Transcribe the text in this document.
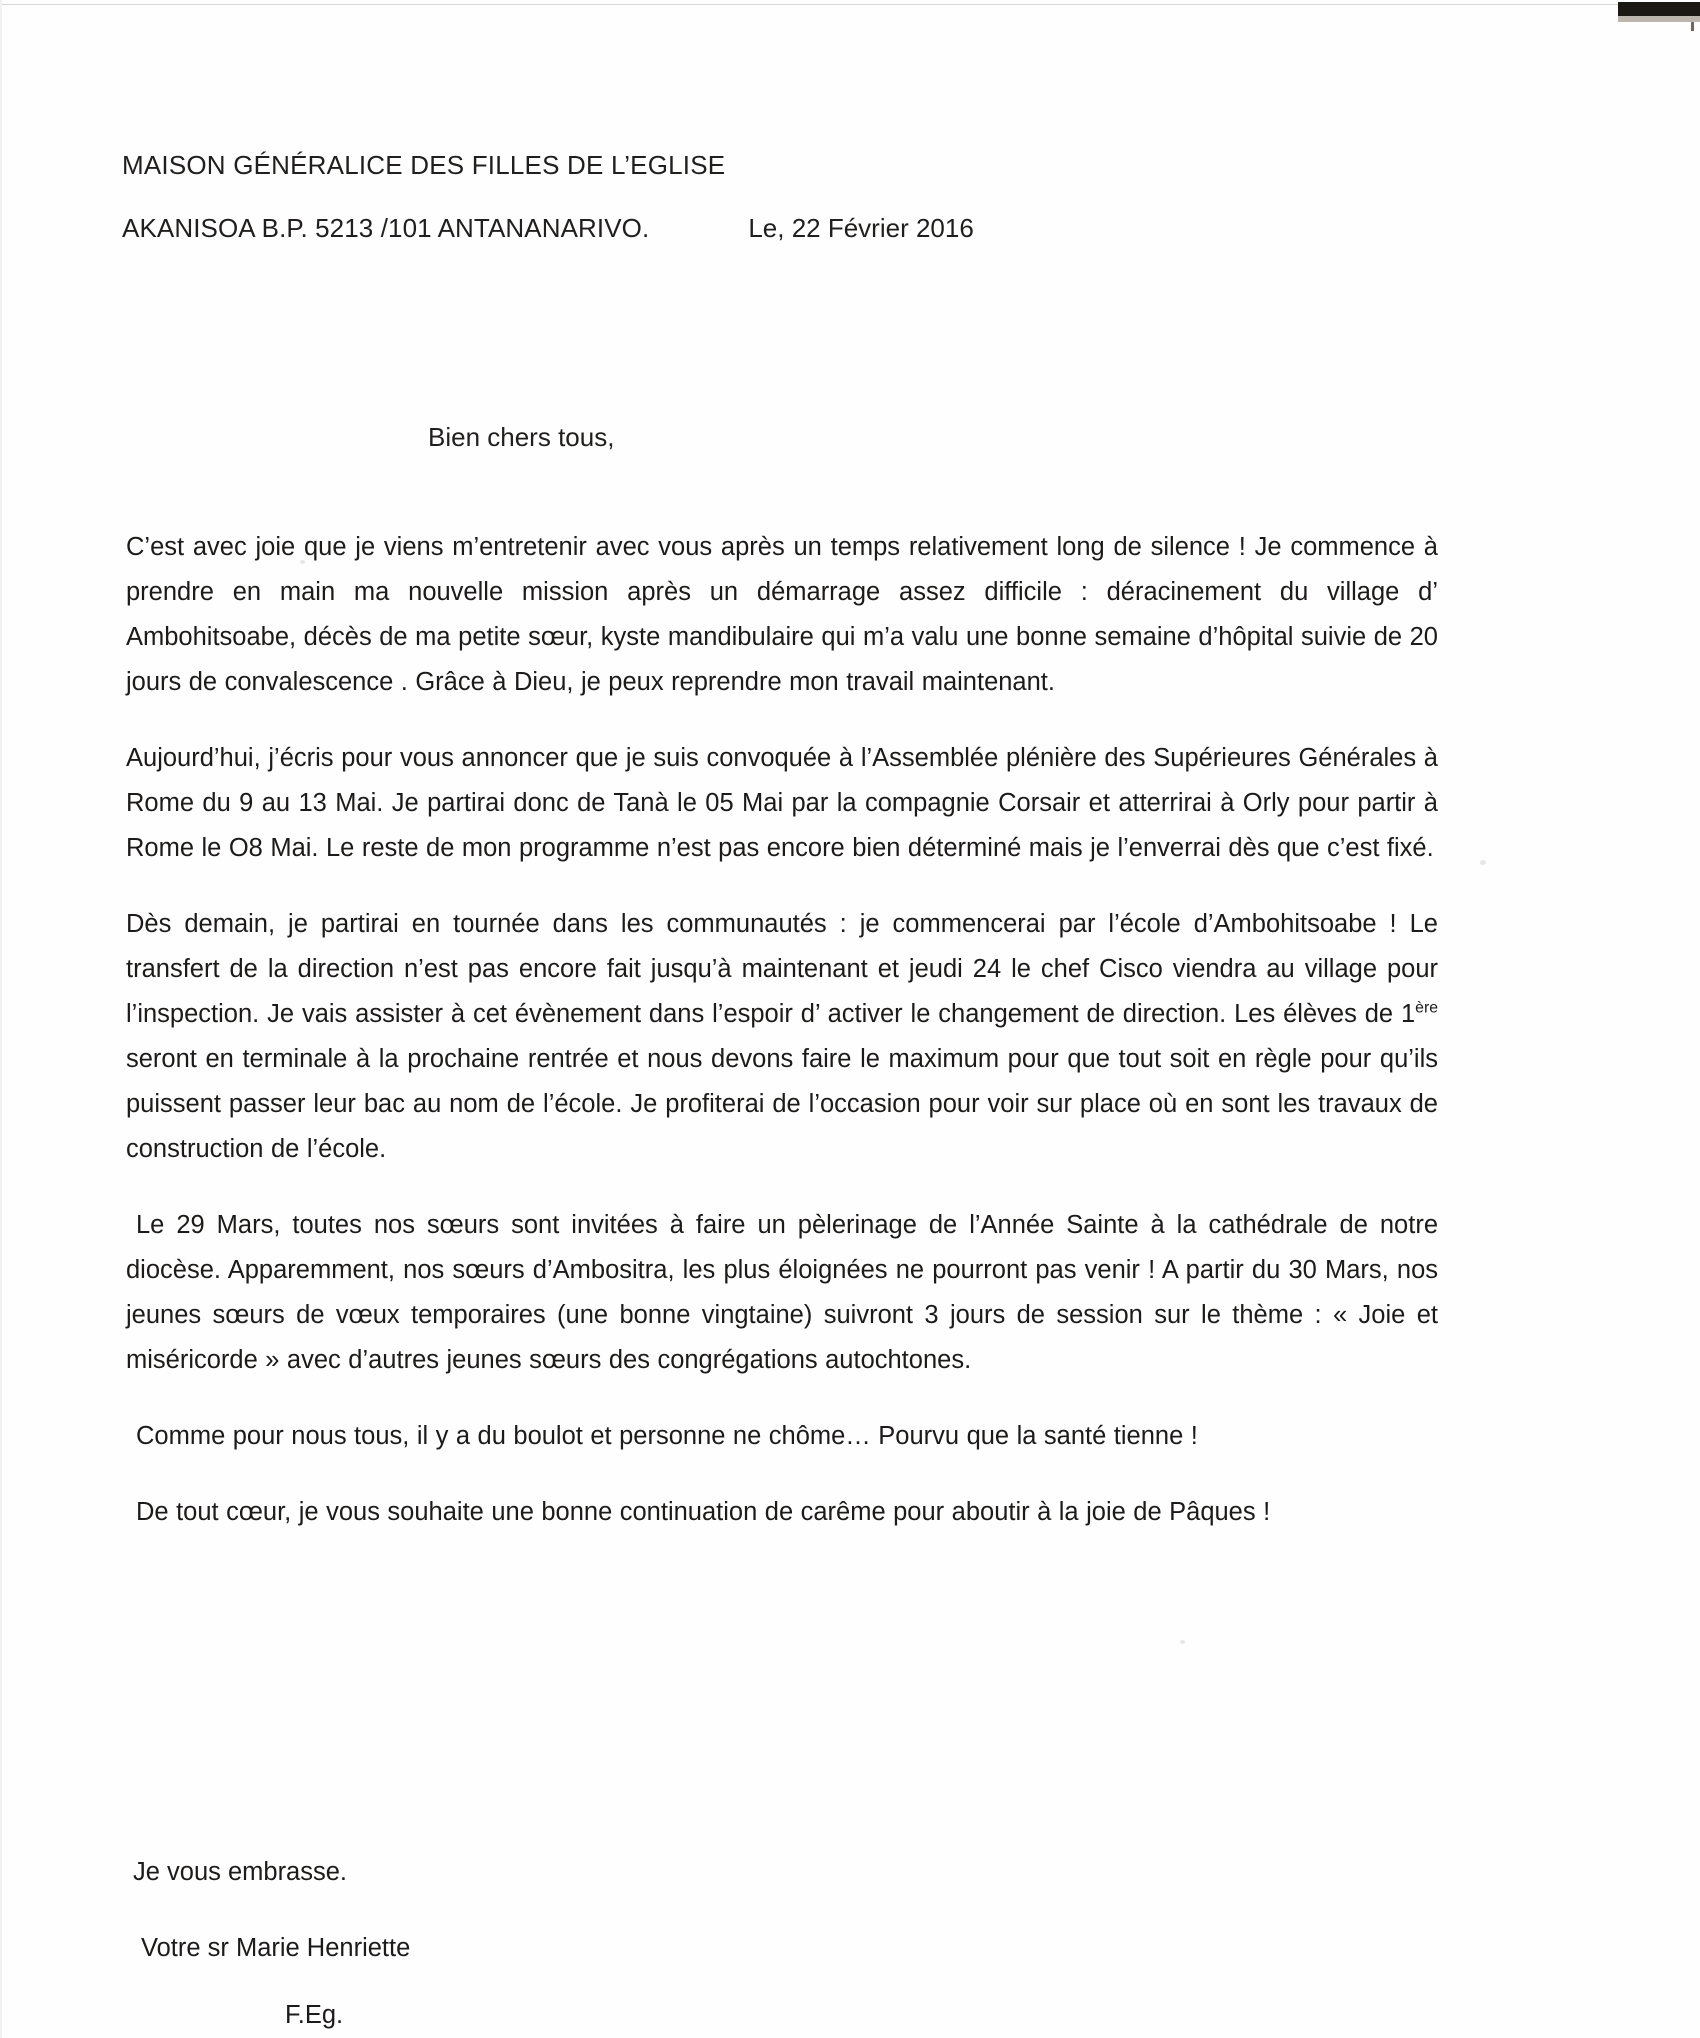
MAISON GÉNÉRALICE DES FILLES DE L’EGLISE
AKANISOA B.P. 5213 /101 ANTANANARIVO.	Le, 22 Février 2016
Bien chers tous,

C’est avec joie que je viens m’entretenir avec vous après un temps relativement long de silence ! Je commence à prendre en main ma nouvelle mission après un démarrage assez difficile : déracinement du village d’ Ambohitsoabe, décès de ma petite sœur, kyste mandibulaire qui m’a valu une bonne semaine d’hôpital suivie de 20 jours de convalescence . Grâce à Dieu, je peux reprendre mon travail maintenant.

Aujourd’hui, j’écris pour vous annoncer que je suis convoquée à l’Assemblée plénière des Supérieures Générales à Rome du 9 au 13 Mai. Je partirai donc de Tanà le 05 Mai par la compagnie Corsair et atterrirai à Orly pour partir à Rome le O8 Mai. Le reste de mon programme n’est pas encore bien déterminé mais je l’enverrai dès que c’est fixé.

Dès demain, je partirai en tournée dans les communautés : je commencerai par l’école d’Ambohitsoabe ! Le transfert de la direction n’est pas encore fait jusqu’à maintenant et jeudi 24 le chef Cisco viendra au village pour l’inspection. Je vais assister à cet évènement dans l’espoir d’ activer le changement de direction. Les élèves de 1ère seront en terminale à la prochaine rentrée et nous devons faire le maximum pour que tout soit en règle pour qu’ils puissent passer leur bac au nom de l’école. Je profiterai de l’occasion pour voir sur place où en sont les travaux de construction de l’école.

Le 29 Mars, toutes nos sœurs sont invitées à faire un pèlerinage de l’Année Sainte à la cathédrale de notre diocèse. Apparemment, nos sœurs d’Ambositra, les plus éloignées ne pourront pas venir ! A partir du 30 Mars, nos jeunes sœurs de vœux temporaires (une bonne vingtaine) suivront 3 jours de session sur le thème : « Joie et miséricorde » avec d’autres jeunes sœurs des congrégations autochtones.

Comme pour nous tous, il y a du boulot et personne ne chôme… Pourvu que la santé tienne !

De tout cœur, je vous souhaite une bonne continuation de carême pour aboutir à la joie de Pâques !

Je vous embrasse.

Votre sr Marie Henriette
F.Eg.
